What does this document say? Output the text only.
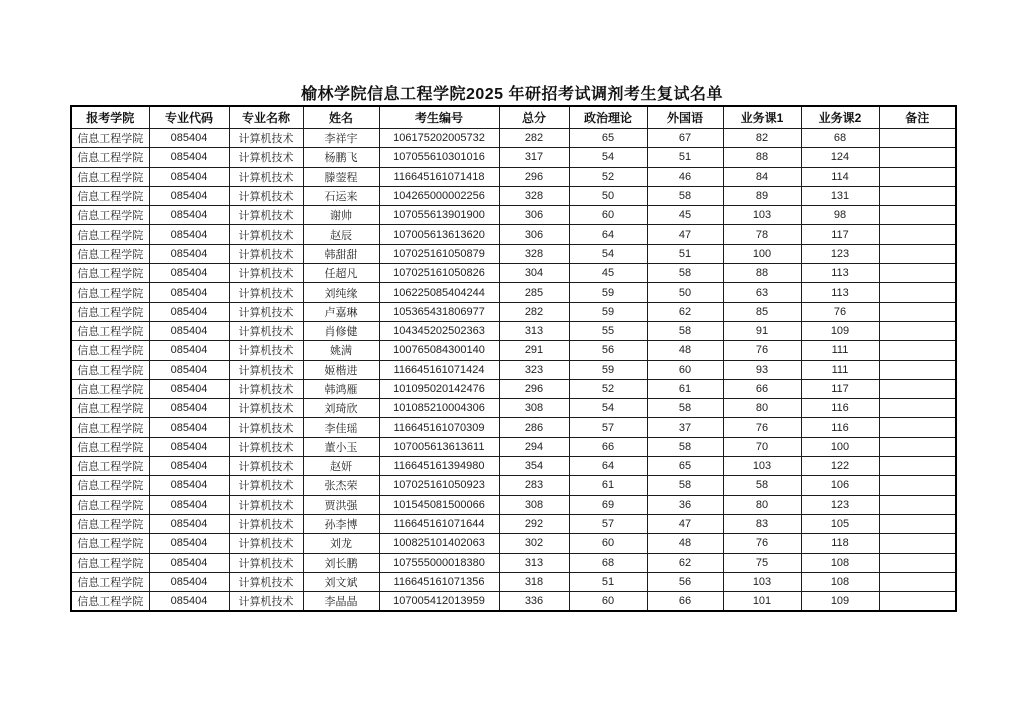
榆林学院信息工程学院2025 年研招考试调剂考生复试名单
报考学院	专业代码	专业名称	姓名	考生编号	总分	政治理论	外国语	业务课1	业务课2	备注
信息工程学院	085404	计算机技术	李祥宇	106175202005732	282	65	67	82	68	
信息工程学院	085404	计算机技术	杨鹏飞	107055610301016	317	54	51	88	124	
信息工程学院	085404	计算机技术	滕蓥程	116645161071418	296	52	46	84	114	
信息工程学院	085404	计算机技术	石运来	104265000002256	328	50	58	89	131	
信息工程学院	085404	计算机技术	谢帅	107055613901900	306	60	45	103	98	
信息工程学院	085404	计算机技术	赵辰	107005613613620	306	64	47	78	117	
信息工程学院	085404	计算机技术	韩甜甜	107025161050879	328	54	51	100	123	
信息工程学院	085404	计算机技术	任超凡	107025161050826	304	45	58	88	113	
信息工程学院	085404	计算机技术	刘纯缘	106225085404244	285	59	50	63	113	
信息工程学院	085404	计算机技术	卢嘉琳	105365431806977	282	59	62	85	76	
信息工程学院	085404	计算机技术	肖修健	104345202502363	313	55	58	91	109	
信息工程学院	085404	计算机技术	姚满	100765084300140	291	56	48	76	111	
信息工程学院	085404	计算机技术	姬楷进	116645161071424	323	59	60	93	111	
信息工程学院	085404	计算机技术	韩鸿雁	101095020142476	296	52	61	66	117	
信息工程学院	085404	计算机技术	刘琦欣	101085210004306	308	54	58	80	116	
信息工程学院	085404	计算机技术	李佳瑶	116645161070309	286	57	37	76	116	
信息工程学院	085404	计算机技术	董小玉	107005613613611	294	66	58	70	100	
信息工程学院	085404	计算机技术	赵妍	116645161394980	354	64	65	103	122	
信息工程学院	085404	计算机技术	张杰荣	107025161050923	283	61	58	58	106	
信息工程学院	085404	计算机技术	贾洪强	101545081500066	308	69	36	80	123	
信息工程学院	085404	计算机技术	孙李博	116645161071644	292	57	47	83	105	
信息工程学院	085404	计算机技术	刘龙	100825101402063	302	60	48	76	118	
信息工程学院	085404	计算机技术	刘长鹏	107555000018380	313	68	62	75	108	
信息工程学院	085404	计算机技术	刘文斌	116645161071356	318	51	56	103	108	
信息工程学院	085404	计算机技术	李晶晶	107005412013959	336	60	66	101	109	
